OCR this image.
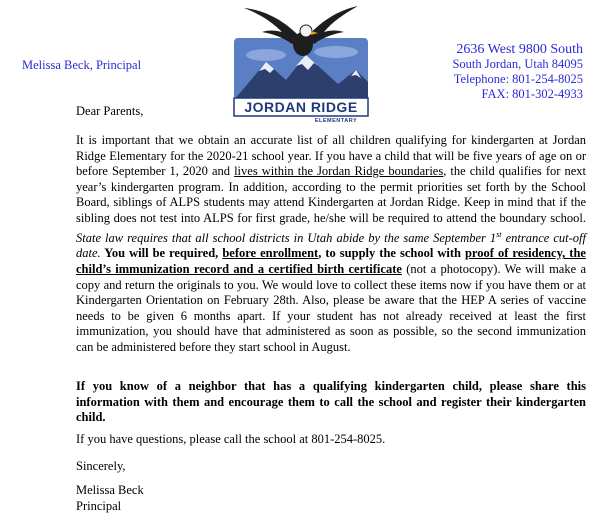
Melissa Beck, Principal
JORDAN RIDGE
ELEMENTARY
2636 West 9800 South
South Jordan, Utah 84095
Telephone: 801-254-8025
FAX: 801-302-4933
Dear Parents,
It is important that we obtain an accurate list of all children qualifying for kindergarten at Jordan Ridge Elementary for the 2020-21 school year. If you have a child that will be five years of age on or before September 1, 2020 and lives within the Jordan Ridge boundaries, the child qualifies for next year’s kindergarten program. In addition, according to the permit priorities set forth by the School Board, siblings of ALPS students may attend Kindergarten at Jordan Ridge. Keep in mind that if the sibling does not test into ALPS for first grade, he/she will be required to attend the boundary school. State law requires that all school districts in Utah abide by the same September 1st entrance cut-off date. You will be required, before enrollment, to supply the school with proof of residency, the child’s immunization record and a certified birth certificate (not a photocopy). We will make a copy and return the originals to you. We would love to collect these items now if you have them or at Kindergarten Orientation on February 28th. Also, please be aware that the HEP A series of vaccine needs to be given 6 months apart. If your student has not already received at least the first immunization, you should have that administered as soon as possible, so the second immunization can be administered before they start school in August.
If you know of a neighbor that has a qualifying kindergarten child, please share this information with them and encourage them to call the school and register their kindergarten child.
If you have questions, please call the school at 801-254-8025.
Sincerely,
Melissa Beck
Principal
